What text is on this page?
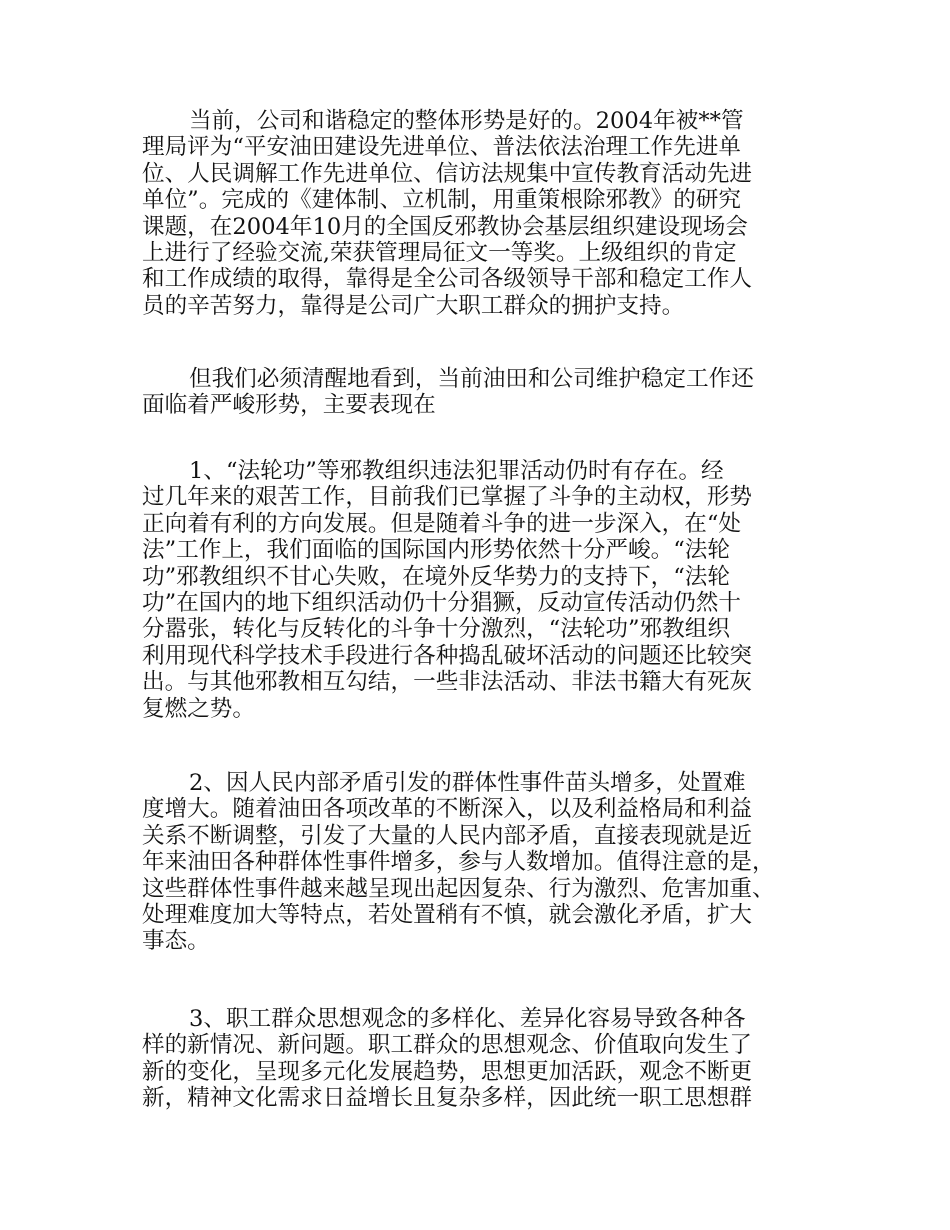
当前，公司和谐稳定的整体形势是好的。2004年被**管
理局评为“平安油田建设先进单位、普法依法治理工作先进单
位、人民调解工作先进单位、信访法规集中宣传教育活动先进
单位”。完成的《建体制、立机制，用重策根除邪教》的研究
课题，在2004年10月的全国反邪教协会基层组织建设现场会
上进行了经验交流,荣获管理局征文一等奖。上级组织的肯定
和工作成绩的取得，靠得是全公司各级领导干部和稳定工作人
员的辛苦努力，靠得是公司广大职工群众的拥护支持。

但我们必须清醒地看到，当前油田和公司维护稳定工作还
面临着严峻形势，主要表现在

1、“法轮功”等邪教组织违法犯罪活动仍时有存在。经
过几年来的艰苦工作，目前我们已掌握了斗争的主动权，形势
正向着有利的方向发展。但是随着斗争的进一步深入，在“处
法”工作上，我们面临的国际国内形势依然十分严峻。“法轮
功”邪教组织不甘心失败，在境外反华势力的支持下，“法轮
功”在国内的地下组织活动仍十分猖獗，反动宣传活动仍然十
分嚣张，转化与反转化的斗争十分激烈，“法轮功”邪教组织
利用现代科学技术手段进行各种捣乱破坏活动的问题还比较突
出。与其他邪教相互勾结，一些非法活动、非法书籍大有死灰
复燃之势。

2、因人民内部矛盾引发的群体性事件苗头增多，处置难
度增大。随着油田各项改革的不断深入，以及利益格局和利益
关系不断调整，引发了大量的人民内部矛盾，直接表现就是近
年来油田各种群体性事件增多，参与人数增加。值得注意的是，
这些群体性事件越来越呈现出起因复杂、行为激烈、危害加重、
处理难度加大等特点，若处置稍有不慎，就会激化矛盾，扩大
事态。

3、职工群众思想观念的多样化、差异化容易导致各种各
样的新情况、新问题。职工群众的思想观念、价值取向发生了
新的变化，呈现多元化发展趋势，思想更加活跃，观念不断更
新，精神文化需求日益增长且复杂多样，因此统一职工思想群
